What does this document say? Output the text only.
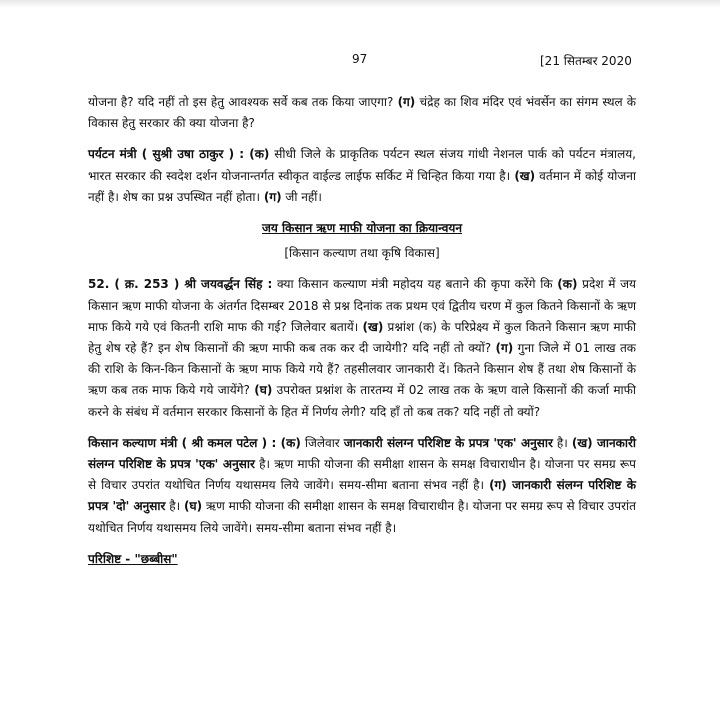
97	[21 सितम्बर 2020

योजना है? यदि नहीं तो इस हेतु आवश्यक सर्वे कब तक किया जाएगा? (ग) चंद्रेह का शिव मंदिर एवं भंवर्सेन का संगम स्थल के विकास हेतु सरकार की क्या योजना है?

पर्यटन मंत्री ( सुश्री उषा ठाकुर ) : (क) सीधी जिले के प्राकृतिक पर्यटन स्थल संजय गांधी नेशनल पार्क को पर्यटन मंत्रालय, भारत सरकार की स्वदेश दर्शन योजनान्तर्गत स्वीकृत वाईल्ड लाईफ सर्किट में चिन्हित किया गया है। (ख) वर्तमान में कोई योजना नहीं है। शेष का प्रश्न उपस्थित नहीं होता। (ग) जी नहीं।

जय किसान ऋण माफी योजना का क्रियान्वयन

[किसान कल्याण तथा कृषि विकास]

52. ( क्र. 253 ) श्री जयवर्द्धन सिंह : क्या किसान कल्याण मंत्री महोदय यह बताने की कृपा करेंगे कि (क) प्रदेश में जय किसान ऋण माफी योजना के अंतर्गत दिसम्बर 2018 से प्रश्न दिनांक तक प्रथम एवं द्वितीय चरण में कुल कितने किसानों के ऋण माफ किये गये एवं कितनी राशि माफ की गई? जिलेवार बतायें। (ख) प्रश्नांश (क) के परिप्रेक्ष्य में कुल कितने किसान ऋण माफी हेतु शेष रहे हैं? इन शेष किसानों की ऋण माफी कब तक कर दी जायेगी? यदि नहीं तो क्यों? (ग) गुना जिले में 01 लाख तक की राशि के किन-किन किसानों के ऋण माफ किये गये हैं? तहसीलवार जानकारी दें। कितने किसान शेष हैं तथा शेष किसानों के ऋण कब तक माफ किये गये जायेंगे? (घ) उपरोक्त प्रश्नांश के तारतम्य में 02 लाख तक के ऋण वाले किसानों की कर्जा माफी करने के संबंध में वर्तमान सरकार किसानों के हित में निर्णय लेगी? यदि हाँ तो कब तक? यदि नहीं तो क्यों?

किसान कल्याण मंत्री ( श्री कमल पटेल ) : (क) जिलेवार जानकारी संलग्न परिशिष्ट के प्रपत्र 'एक' अनुसार है। (ख) जानकारी संलग्न परिशिष्ट के प्रपत्र 'एक' अनुसार है। ऋण माफी योजना की समीक्षा शासन के समक्ष विचाराधीन है। योजना पर समग्र रूप से विचार उपरांत यथोचित निर्णय यथासमय लिये जावेंगे। समय-सीमा बताना संभव नहीं है। (ग) जानकारी संलग्न परिशिष्ट के प्रपत्र 'दो' अनुसार है। (घ) ऋण माफी योजना की समीक्षा शासन के समक्ष विचाराधीन है। योजना पर समग्र रूप से विचार उपरांत यथोचित निर्णय यथासमय लिये जावेंगे। समय-सीमा बताना संभव नहीं है।

परिशिष्ट - "छब्बीस"
